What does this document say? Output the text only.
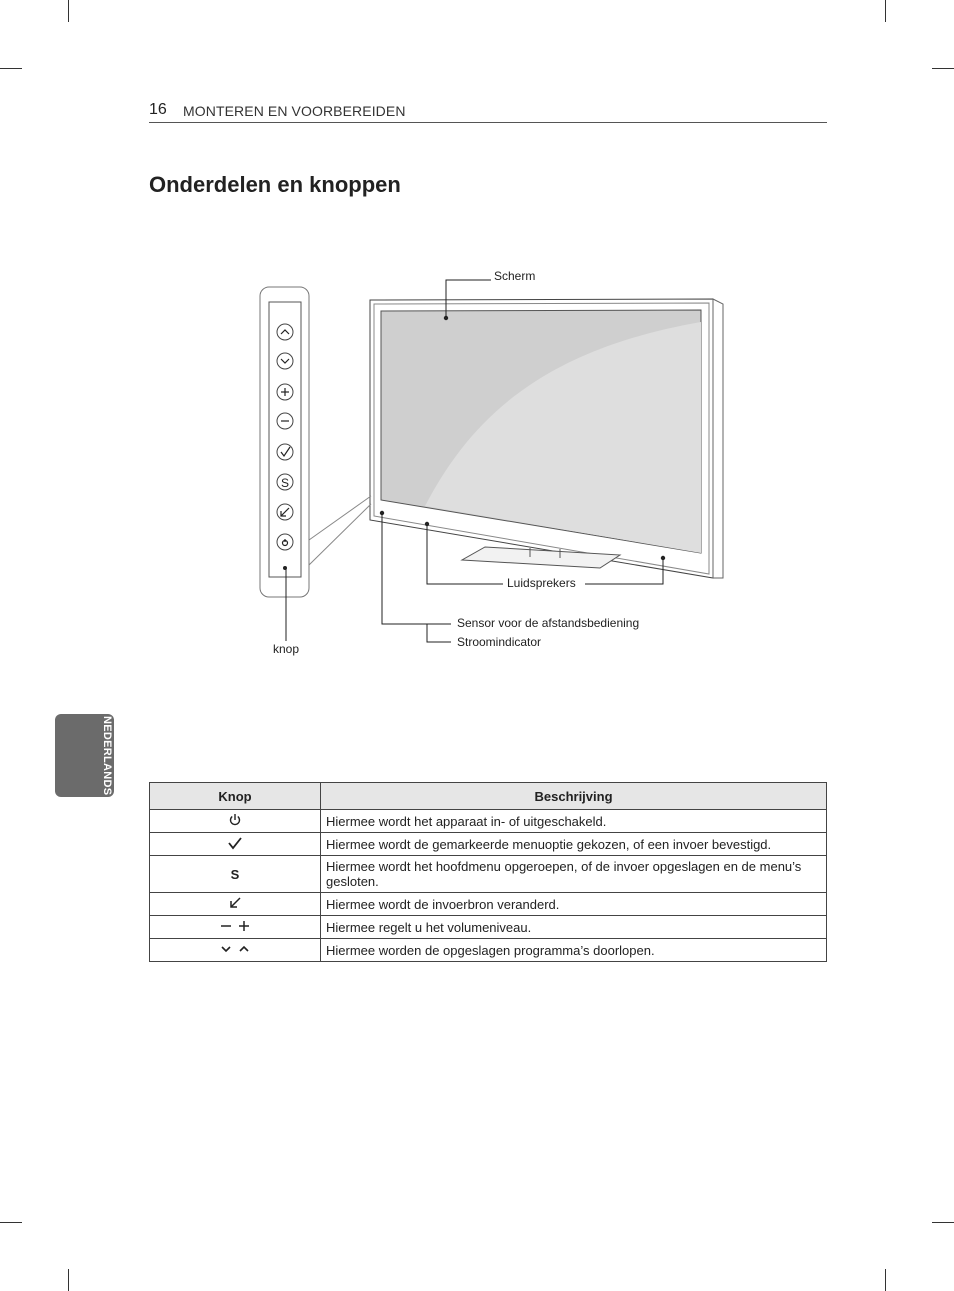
16 MONTEREN EN VOORBEREIDEN
Onderdelen en knoppen
NEDERLANDS
S
Scherm
Luidsprekers
Sensor voor de afstandsbediening
Stroomindicator
knop
Knop	Beschrijving
	Hiermee wordt het apparaat in- of uitgeschakeld.
	Hiermee wordt de gemarkeerde menuoptie gekozen, of een invoer bevestigd.
S	Hiermee wordt het hoofdmenu opgeroepen, of de invoer opgeslagen en de menu’s gesloten.
	Hiermee wordt de invoerbron veranderd.
	Hiermee regelt u het volumeniveau.
	Hiermee worden de opgeslagen programma’s doorlopen.
